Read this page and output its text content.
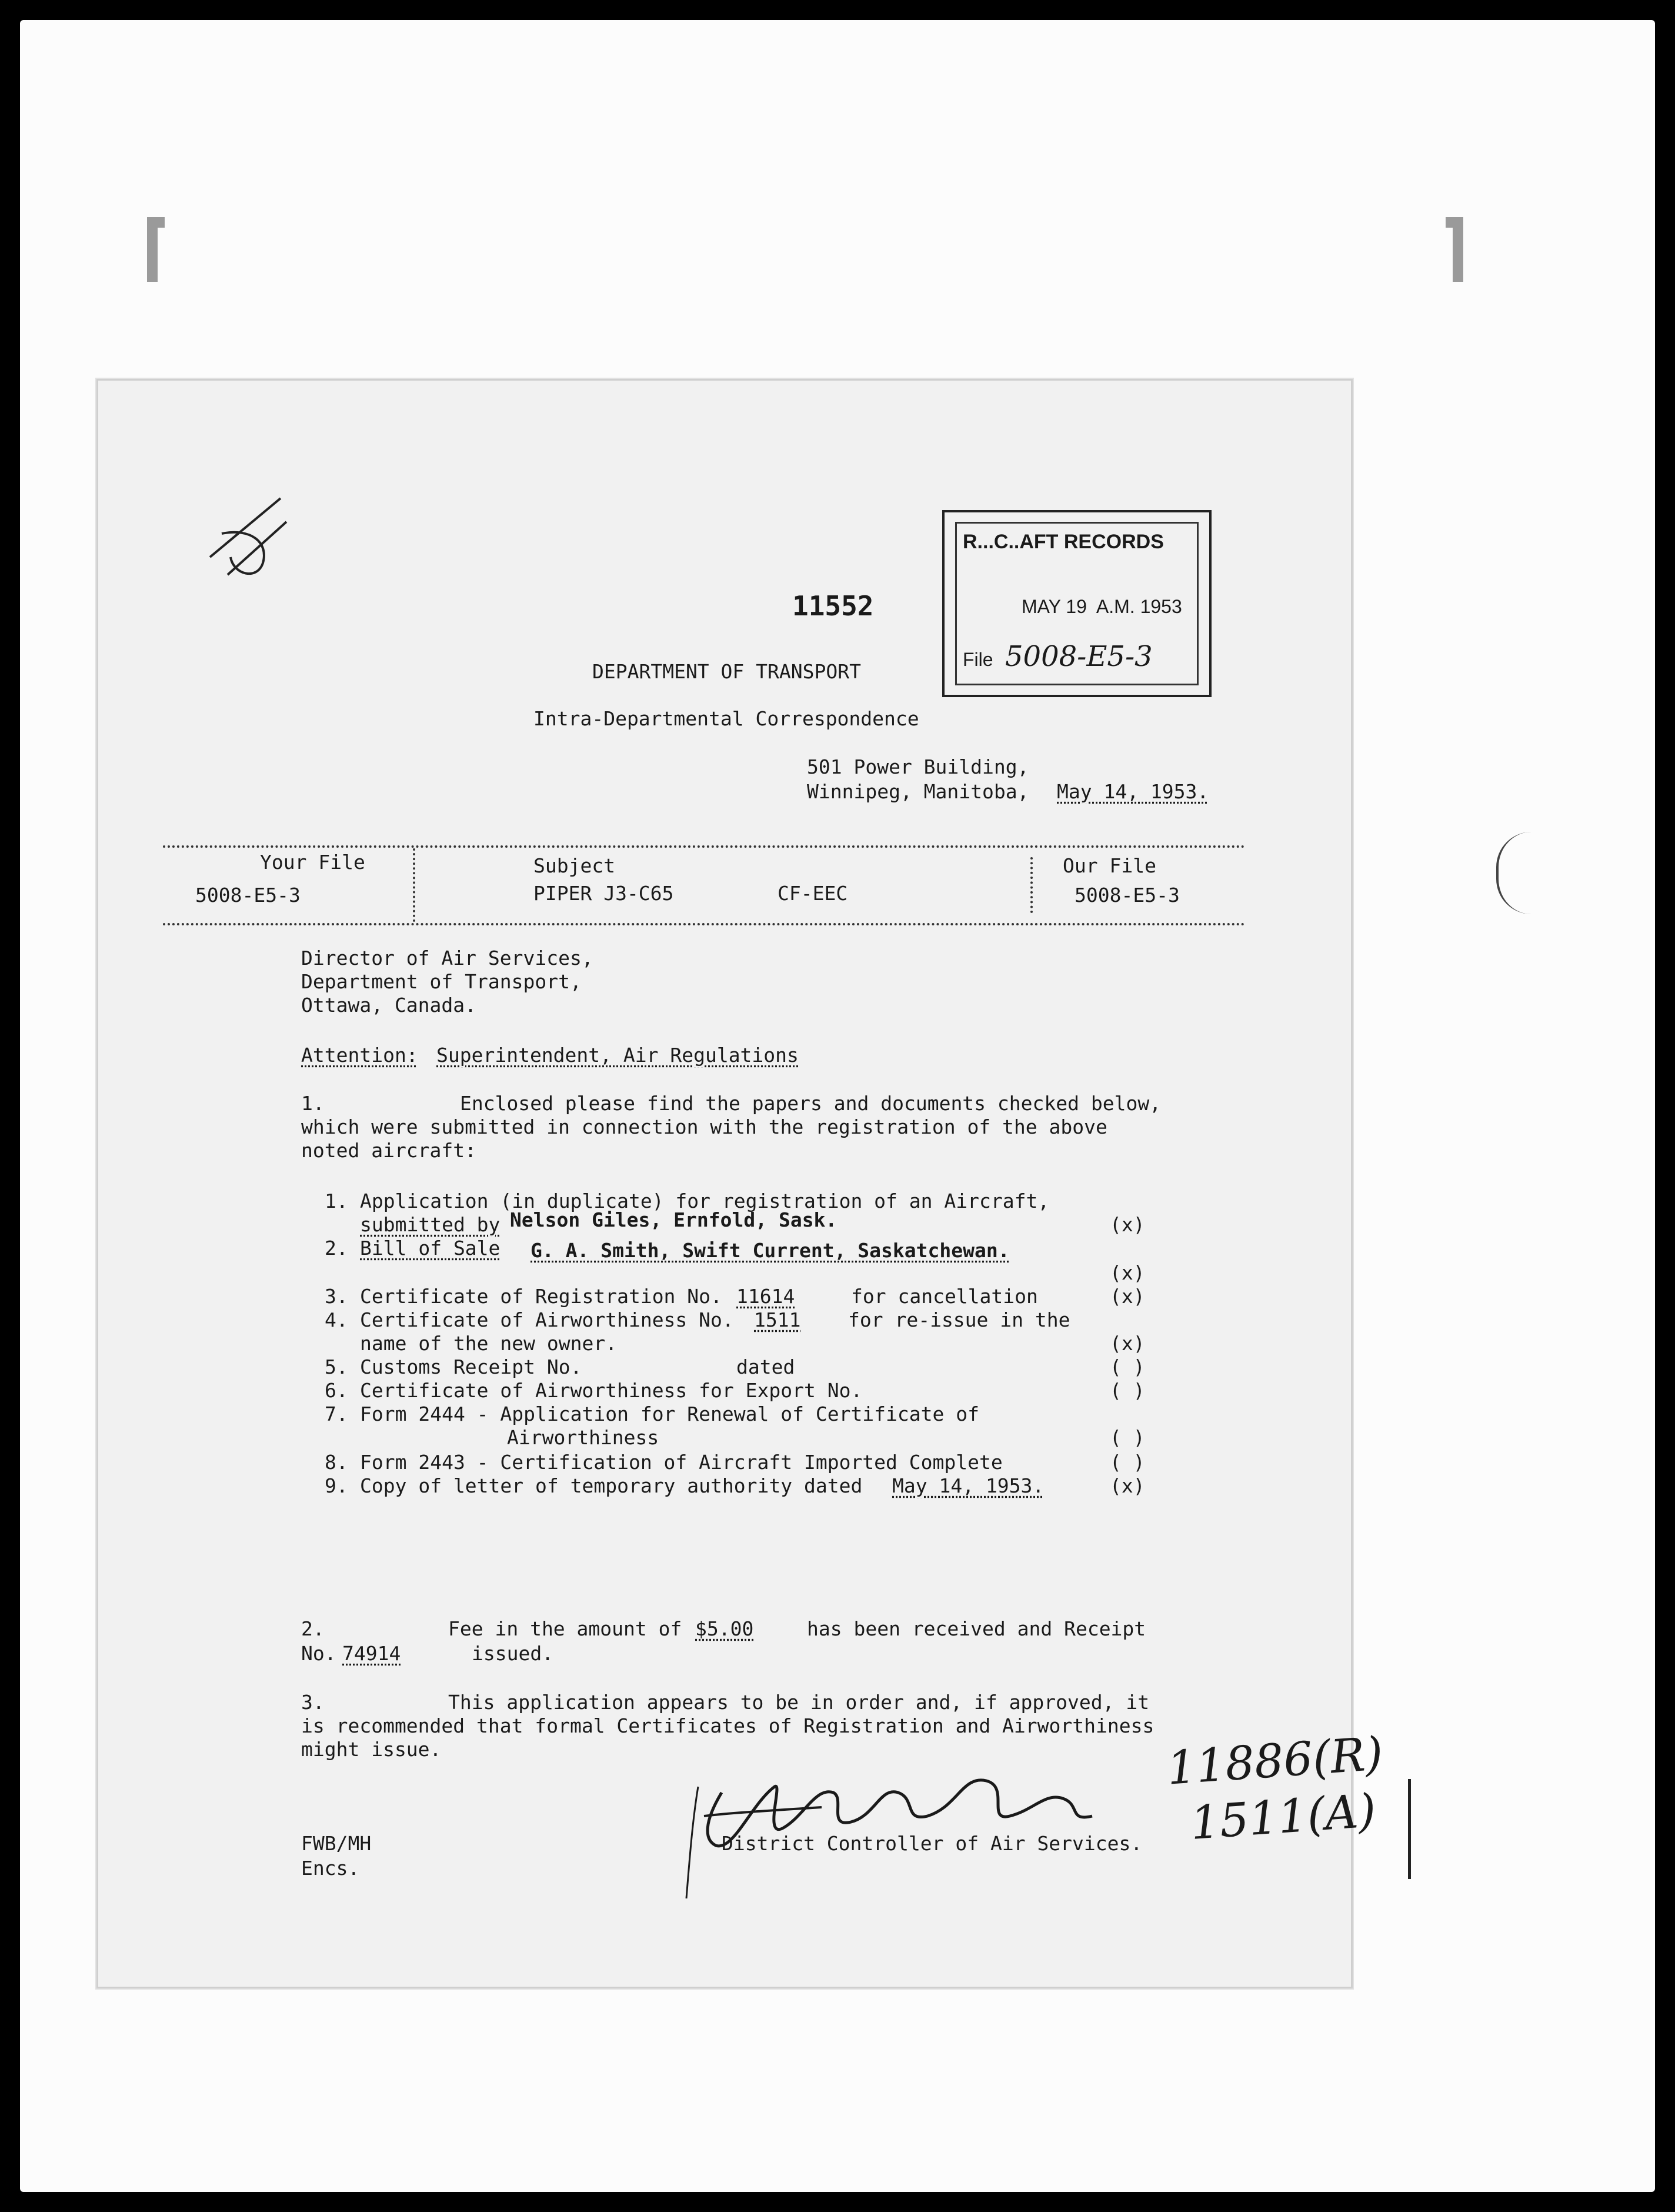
11552
R...C..AFT RECORDS
MAY 19  A.M. 1953
File 5008-E5-3
DEPARTMENT OF TRANSPORT
Intra-Departmental Correspondence
501 Power Building,
Winnipeg, Manitoba, May 14, 1953.
Your File
5008-E5-3
Subject
PIPER J3-C65	CF-EEC
Our File
5008-E5-3
Director of Air Services,
Department of Transport,
Ottawa, Canada.
Attention: Superintendent, Air Regulations
1.	Enclosed please find the papers and documents checked below,
which were submitted in connection with the registration of the above
noted aircraft:
1. Application (in duplicate) for registration of an Aircraft,
submitted by Nelson Giles, Ernfold, Sask.	(x)
2. Bill of Sale G. A. Smith, Swift Current, Saskatchewan.
(x)
3. Certificate of Registration No. 11614	for cancellation	(x)
4. Certificate of Airworthiness No. 1511 for re-issue in the
name of the new owner.	(x)
5. Customs Receipt No.	dated	( )
6. Certificate of Airworthiness for Export No.	( )
7. Form 2444 - Application for Renewal of Certificate of
Airworthiness	( )
8. Form 2443 - Certification of Aircraft Imported Complete	( )
9. Copy of letter of temporary authority dated May 14, 1953.	(x)
2.	Fee in the amount of $5.00	has been received and Receipt
No. 74914	issued.
3.	This application appears to be in order and, if approved, it
is recommended that formal Certificates of Registration and Airworthiness
might issue.
District Controller of Air Services.
FWB/MH
Encs.
11886(R)
1511(A)
